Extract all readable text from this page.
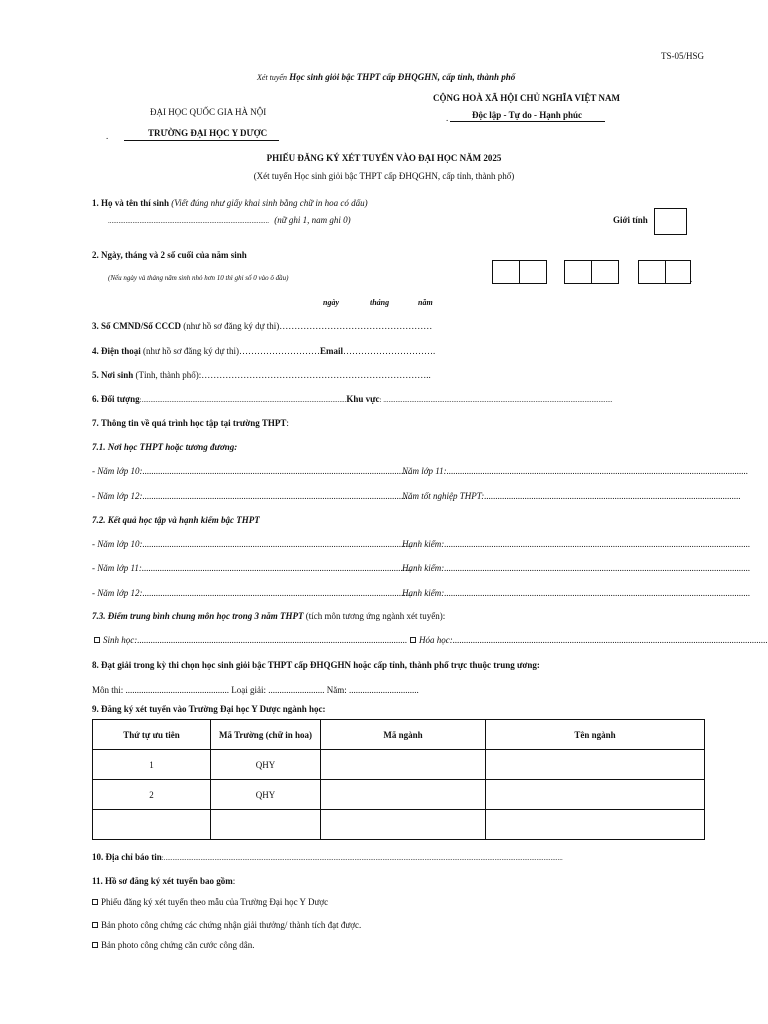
TS-05/HSG
Xét tuyển Học sinh giỏi bậc THPT cấp ĐHQGHN, cấp tỉnh, thành phố
ĐẠI HỌC QUỐC GIA HÀ NỘI
TRƯỜNG ĐẠI HỌC Y DƯỢC
.
CỘNG HOÀ XÃ HỘI CHỦ NGHĨA VIỆT NAM
Độc lập - Tự do - Hạnh phúc
.
PHIẾU ĐĂNG KÝ XÉT TUYỂN VÀO ĐẠI HỌC NĂM 2025
(Xét tuyển Học sinh giỏi bậc THPT cấp ĐHQGHN, cấp tỉnh, thành phố)
1. Họ và tên thí sinh (Viết đúng như giấy khai sinh bằng chữ in hoa có dấu)
............................................................................................ (nữ ghi 1, nam ghi 0)	Giới tính
2. Ngày, tháng và 2 số cuối của năm sinh
(Nếu ngày và tháng năm sinh nhỏ hơn 10 thì ghi số 0 vào ô đầu)	.
ngày	tháng	năm
3. Số CMND/Số CCCD (như hồ sơ đăng ký dự thi)……………………………………………
4. Điện thoại (như hồ sơ đăng ký dự thi)………………………Email………………………….
5. Nơi sinh (Tỉnh, thành phố):…………………………………………………………………..
6. Đối tượng:.....................................................................................................................Khu vực: ...................................................................................................................................
7. Thông tin về quá trình học tập tại trường THPT:
7.1. Nơi học THPT hoặc tương đương:
- Năm lớp 10:........................................................................................................................
Năm lớp 11:......................................................................................................................................
- Năm lớp 12:........................................................................................................................
Năm tốt nghiệp THPT:..................................................................................................................
7.2. Kết quả học tập và hạnh kiểm bậc THPT
- Năm lớp 10:........................................................................................................................
Hạnh kiểm:........................................................................................................................................
- Năm lớp 11:........................................................................................................................
Hạnh kiểm:........................................................................................................................................
- Năm lớp 12:........................................................................................................................
Hạnh kiểm:........................................................................................................................................
7.3. Điểm trung bình chung môn học trong 3 năm THPT (tích môn tương ứng ngành xét tuyển):
Sinh học:........................................................................................................................	Hóa học:............................................................................................................................................
8. Đạt giải trong kỳ thi chọn học sinh giỏi bậc THPT cấp ĐHQGHN hoặc cấp tỉnh, thành phố trực thuộc trung ương:
Môn thi: .............................................. Loại giải: ......................... Năm: ...............................
9. Đăng ký xét tuyển vào Trường Đại học Y Dược ngành học:
Thứ tự ưu tiên	Mã Trường (chữ in hoa)	Mã ngành	Tên ngành
1	QHY		
2	QHY		

10. Địa chỉ báo tin:....................................................................................................................................................................................................................................
11. Hồ sơ đăng ký xét tuyển bao gồm:
Phiếu đăng ký xét tuyển theo mẫu của Trường Đại học Y Dược
Bản photo công chứng các chứng nhận giải thưởng/ thành tích đạt được.
Bản photo công chứng căn cước công dân.
